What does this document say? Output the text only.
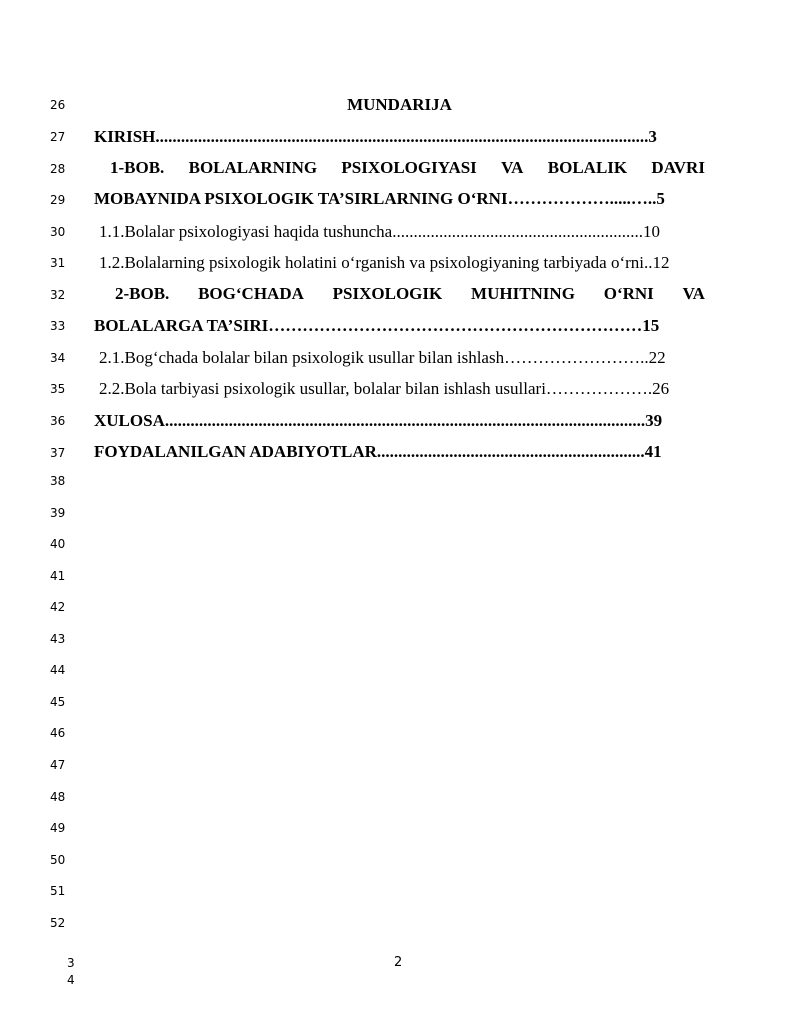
26
27
28
29
30
31
32
33
34
35
36
37
38
39
40
41
42
43
44
45
46
47
48
49
50
51
52
MUNDARIJA
KIRISH....................................................................................................................3
1-BOB. BOLALARNING PSIXOLOGIYASI VA BOLALIK DAVRI
MOBAYNIDA PSIXOLOGIK TA’SIRLARNING O‘RNI……………….....…..5
1.1.Bolalar psixologiyasi haqida tushuncha...........................................................10
1.2.Bolalarning psixologik holatini o‘rganish va psixologiyaning tarbiyada o‘rni..12
2-BOB. BOG‘CHADA PSIXOLOGIK MUHITNING O‘RNI VA
BOLALARGA TA’SIRI…………………………………………………………15
2.1.Bog‘chada bolalar bilan psixologik usullar bilan ishlash……………………..22
2.2.Bola tarbiyasi psixologik usullar, bolalar bilan ishlash usullari……………….26
XULOSA.................................................................................................................39
FOYDALANILGAN ADABIYOTLAR...............................................................41
2
3
4
